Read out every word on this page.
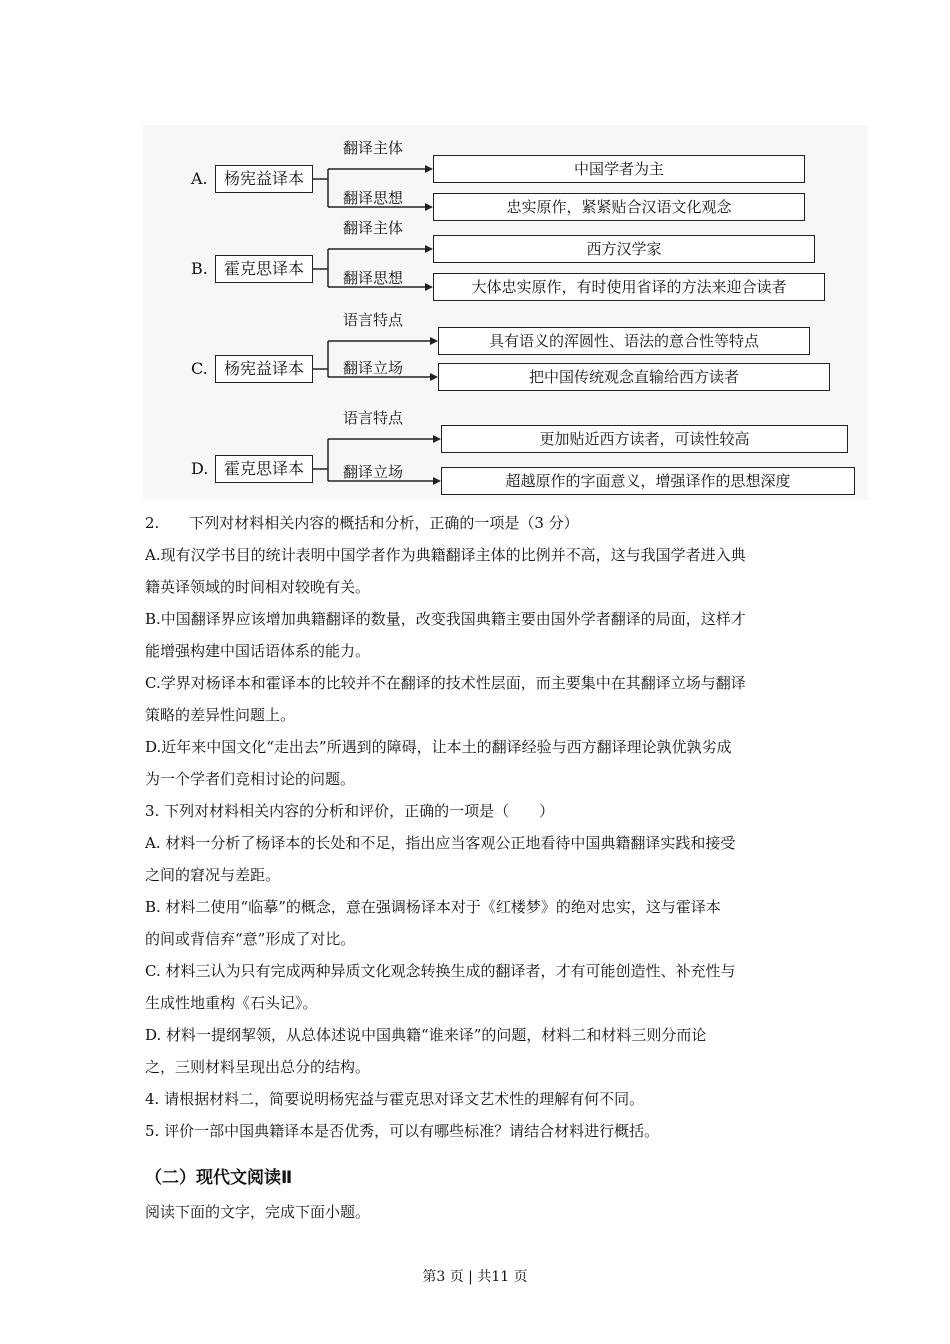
A.	杨宪益译本
翻译主体
中国学者为主
翻译思想	忠实原作，紧紧贴合汉语文化观念
B.	霍克思译本
翻译主体
西方汉学家
翻译思想	大体忠实原作，有时使用省译的方法来迎合读者
C.	杨宪益译本
语言特点
具有语义的浑圆性、语法的意合性等特点
翻译立场	把中国传统观念直输给西方读者
D. 霍克思译本
语言特点
更加贴近西方读者，可读性较高
翻译立场	超越原作的字面意义，增强译作的思想深度
2.　　下列对材料相关内容的概括和分析，正确的一项是（3 分）
A.现有汉学书目的统计表明中国学者作为典籍翻译主体的比例并不高，这与我国学者进入典
籍英译领域的时间相对较晚有关。
B.中国翻译界应该增加典籍翻译的数量，改变我国典籍主要由国外学者翻译的局面，这样才
能增强构建中国话语体系的能力。
C.学界对杨译本和霍译本的比较并不在翻译的技术性层面，而主要集中在其翻译立场与翻译
策略的差异性问题上。
D.近年来中国文化“走出去”所遇到的障碍，让本土的翻译经验与西方翻译理论孰优孰劣成
为一个学者们竞相讨论的问题。
3. 下列对材料相关内容的分析和评价，正确的一项是（　　）
A. 材料一分析了杨译本的长处和不足，指出应当客观公正地看待中国典籍翻译实践和接受
之间的窘况与差距。
B. 材料二使用“临摹”的概念，意在强调杨译本对于《红楼梦》的绝对忠实，这与霍译本
的间或背信弃“意”形成了对比。
C. 材料三认为只有完成两种异质文化观念转换生成的翻译者，才有可能创造性、补充性与
生成性地重构《石头记》。
D. 材料一提纲挈领，从总体述说中国典籍“谁来译”的问题，材料二和材料三则分而论
之，三则材料呈现出总分的结构。
4. 请根据材料二，简要说明杨宪益与霍克思对译文艺术性的理解有何不同。
5. 评价一部中国典籍译本是否优秀，可以有哪些标准？请结合材料进行概括。
（二）现代文阅读Ⅱ
阅读下面的文字，完成下面小题。
第3 页 | 共11 页
